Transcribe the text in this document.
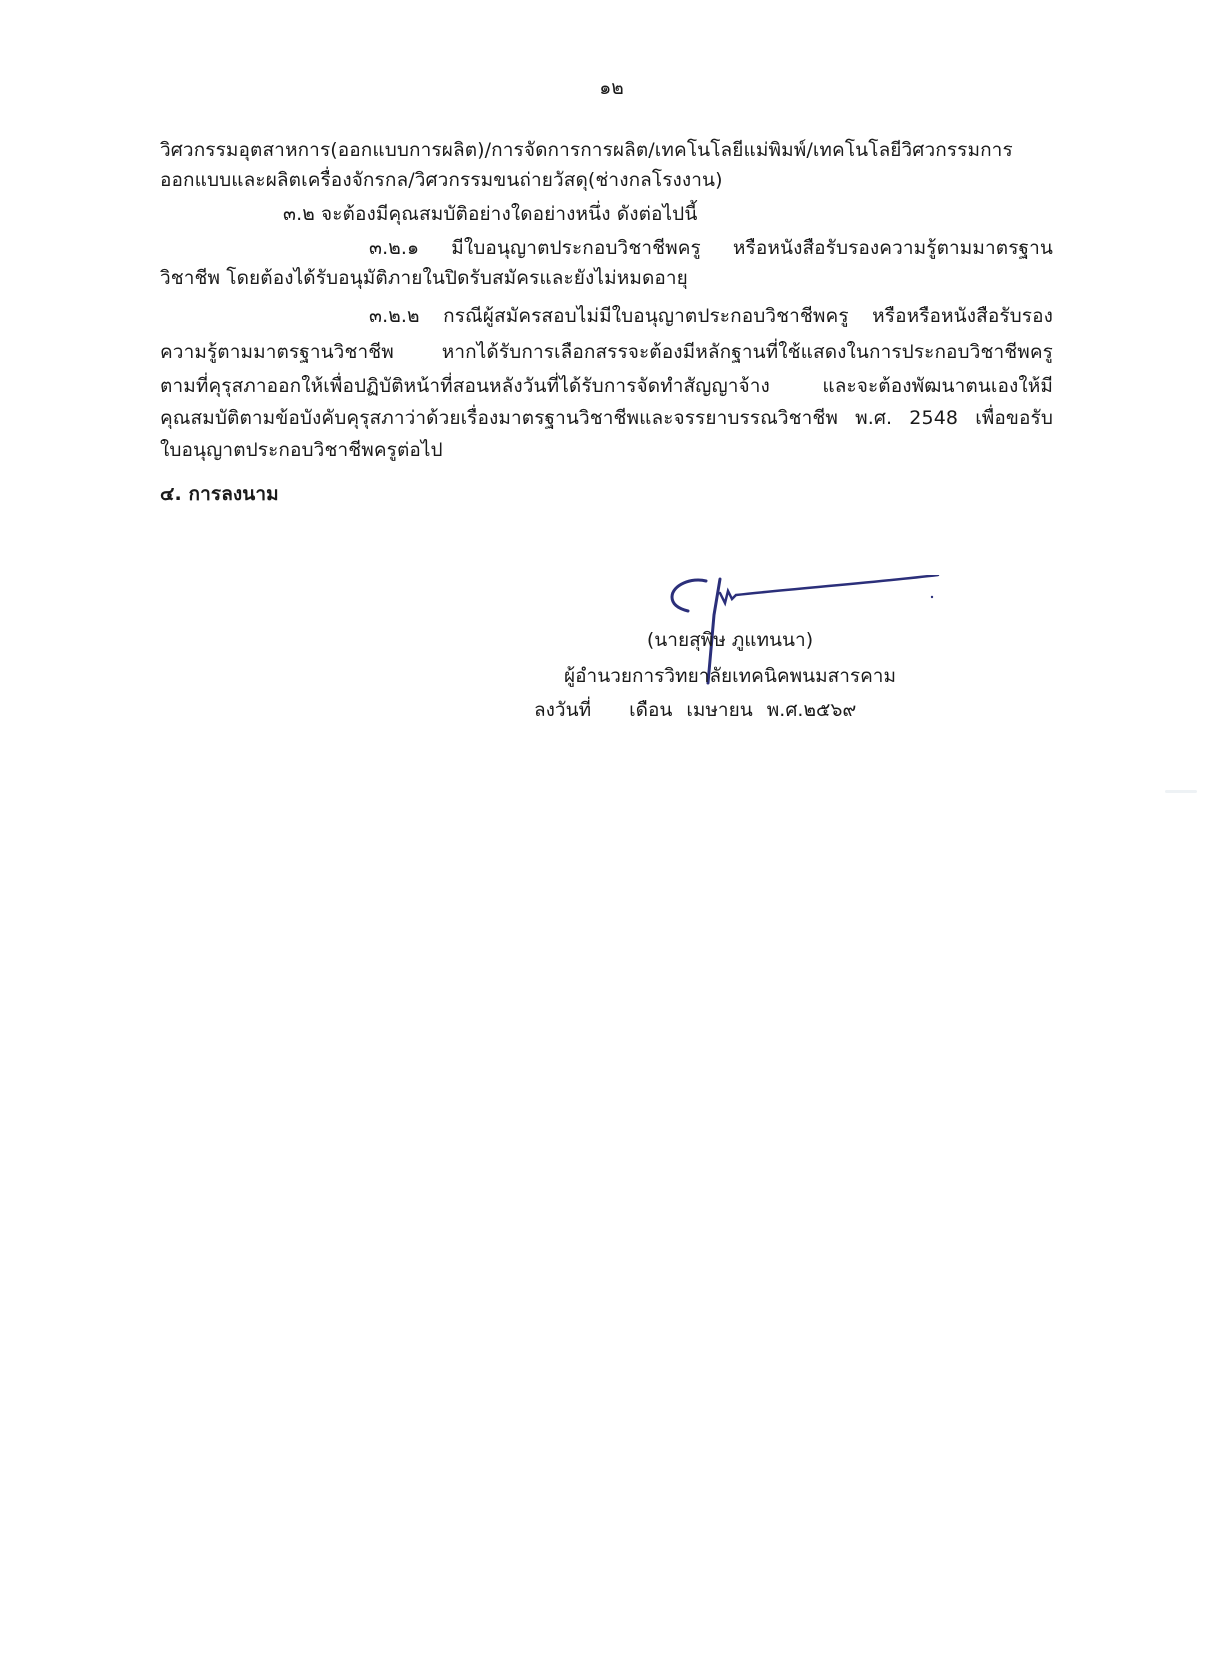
๑๒
วิศวกรรมอุตสาหการ(ออกแบบการผลิต)/การจัดการการผลิต/เทคโนโลยีแม่พิมพ์/เทคโนโลยีวิศวกรรมการ
ออกแบบและผลิตเครื่องจักรกล/วิศวกรรมขนถ่ายวัสดุ(ช่างกลโรงงาน)
๓.๒ จะต้องมีคุณสมบัติอย่างใดอย่างหนึ่ง ดังต่อไปนี้
๓.๒.๑ มีใบอนุญาตประกอบวิชาชีพครู หรือหนังสือรับรองความรู้ตามมาตรฐาน
วิชาชีพ โดยต้องได้รับอนุมัติภายในปิดรับสมัครและยังไม่หมดอายุ
๓.๒.๒ กรณีผู้สมัครสอบไม่มีใบอนุญาตประกอบวิชาชีพครู หรือหรือหนังสือรับรอง
ความรู้ตามมาตรฐานวิชาชีพ หากได้รับการเลือกสรรจะต้องมีหลักฐานที่ใช้แสดงในการประกอบวิชาชีพครู
ตามที่คุรุสภาออกให้เพื่อปฏิบัติหน้าที่สอนหลังวันที่ได้รับการจัดทำสัญญาจ้าง และจะต้องพัฒนาตนเองให้มี
คุณสมบัติตามข้อบังคับคุรุสภาว่าด้วยเรื่องมาตรฐานวิชาชีพและจรรยาบรรณวิชาชีพ พ.ศ. 2548 เพื่อขอรับ
ใบอนุญาตประกอบวิชาชีพครูต่อไป
๔. การลงนาม
(นายสุพิษ ภูแทนนา)
ผู้อำนวยการวิทยาลัยเทคนิคพนมสารคาม
ลงวันที่ เดือน เมษายน พ.ศ.๒๕๖๙
